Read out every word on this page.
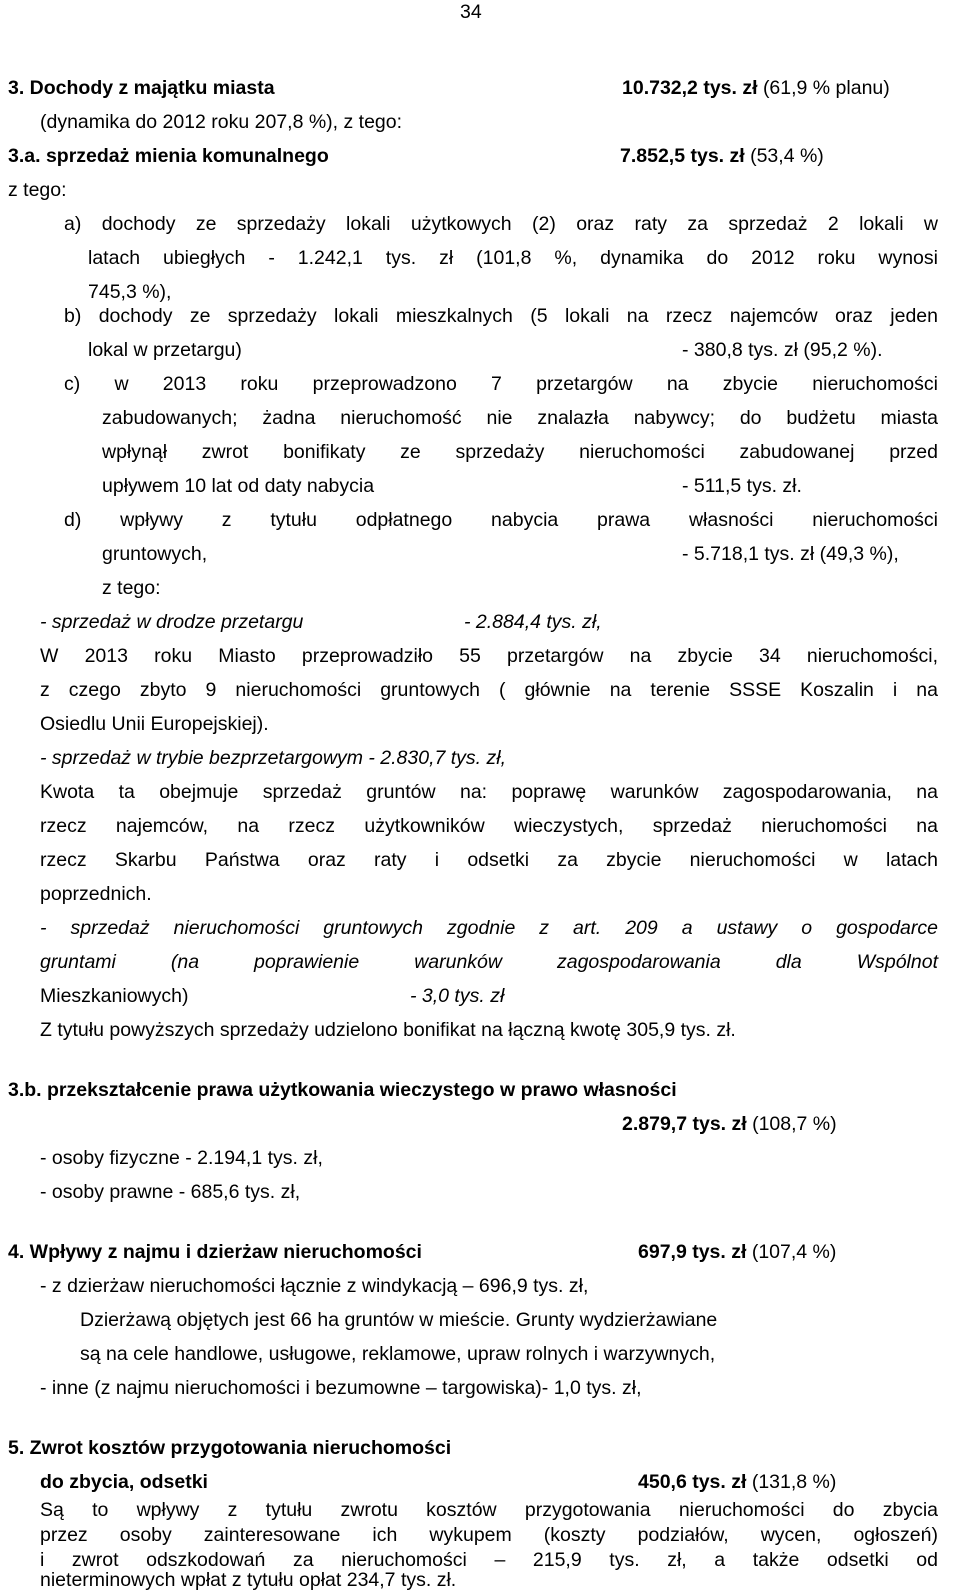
34
3. Dochody z majątku miasta	10.732,2 tys. zł (61,9 % planu)
(dynamika do 2012 roku 207,8 %), z tego:
3.a. sprzedaż mienia komunalnego	7.852,5 tys. zł (53,4 %)
z tego:
a) dochody ze sprzedaży lokali użytkowych (2) oraz raty za sprzedaż 2 lokali w
latach ubiegłych - 1.242,1 tys. zł (101,8 %, dynamika do 2012 roku wynosi
745,3 %),
b) dochody ze sprzedaży lokali mieszkalnych (5 lokali na rzecz najemców oraz jeden
lokal w przetargu)	- 380,8 tys. zł (95,2 %).
c) w 2013 roku przeprowadzono 7 przetargów na zbycie nieruchomości
zabudowanych; żadna nieruchomość nie znalazła nabywcy; do budżetu miasta
wpłynął zwrot bonifikaty ze sprzedaży nieruchomości zabudowanej przed
upływem 10 lat od daty nabycia	- 511,5 tys. zł.
d) wpływy z tytułu odpłatnego nabycia prawa własności nieruchomości
gruntowych,	- 5.718,1 tys. zł (49,3 %),
z tego:
- sprzedaż w drodze przetargu	- 2.884,4 tys. zł,
W 2013 roku Miasto przeprowadziło 55 przetargów na zbycie 34 nieruchomości,
z czego zbyto 9 nieruchomości gruntowych ( głównie na terenie SSSE Koszalin i na
Osiedlu Unii Europejskiej).
- sprzedaż w trybie bezprzetargowym - 2.830,7 tys. zł,
Kwota ta obejmuje sprzedaż gruntów na: poprawę warunków zagospodarowania, na
rzecz najemców, na rzecz użytkowników wieczystych, sprzedaż nieruchomości na
rzecz Skarbu Państwa oraz raty i odsetki za zbycie nieruchomości w latach
poprzednich.
- sprzedaż nieruchomości gruntowych zgodnie z art. 209 a ustawy o gospodarce
gruntami (na poprawienie warunków zagospodarowania dla Wspólnot
Mieszkaniowych)	- 3,0 tys. zł
Z tytułu powyższych sprzedaży udzielono bonifikat na łączną kwotę 305,9 tys. zł.
3.b. przekształcenie prawa użytkowania wieczystego w prawo własności
2.879,7 tys. zł (108,7 %)
- osoby fizyczne - 2.194,1 tys. zł,
- osoby prawne - 685,6 tys. zł,
4. Wpływy z najmu i dzierżaw nieruchomości	697,9 tys. zł (107,4 %)
- z dzierżaw nieruchomości łącznie z windykacją – 696,9 tys. zł,
Dzierżawą objętych jest 66 ha gruntów w mieście. Grunty wydzierżawiane
są na cele handlowe, usługowe, reklamowe, upraw rolnych i warzywnych,
- inne (z najmu nieruchomości i bezumowne – targowiska)- 1,0 tys. zł,
5. Zwrot kosztów przygotowania nieruchomości
do zbycia, odsetki	450,6 tys. zł (131,8 %)
Są to wpływy z tytułu zwrotu kosztów przygotowania nieruchomości do zbycia
przez osoby zainteresowane ich wykupem (koszty podziałów, wycen, ogłoszeń)
i zwrot odszkodowań za nieruchomości – 215,9 tys. zł, a także odsetki od
nieterminowych wpłat z tytułu opłat 234,7 tys. zł.
